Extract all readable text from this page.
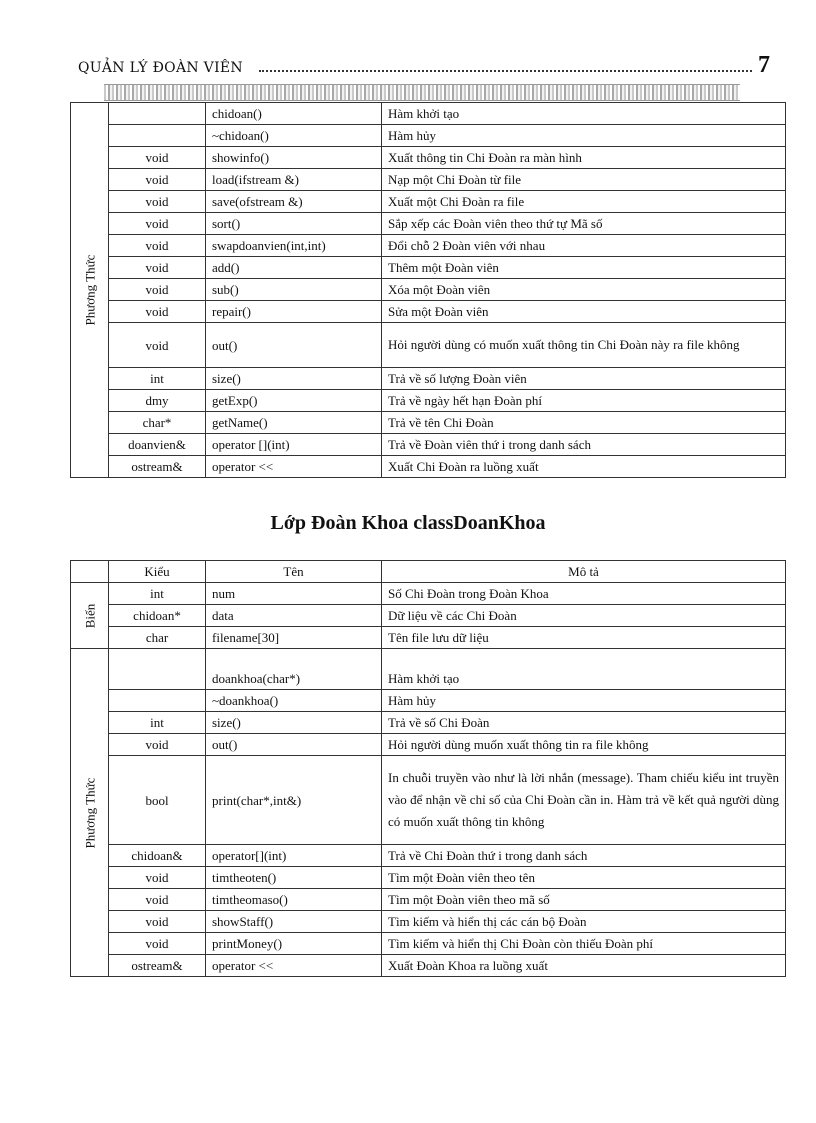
QUẢN LÝ ĐOÀN VIÊN	7
Phương Thức		chidoan()	Hàm khởi tạo
		~chidoan()	Hàm hủy
	void	showinfo()	Xuất thông tin Chi Đoàn ra màn hình
	void	load(ifstream &)	Nạp một Chi Đoàn từ file
	void	save(ofstream &)	Xuất một Chi Đoàn ra file
	void	sort()	Sắp xếp các Đoàn viên theo thứ tự Mã số
	void	swapdoanvien(int,int)	Đổi chỗ 2 Đoàn viên với nhau
	void	add()	Thêm một Đoàn viên
	void	sub()	Xóa một Đoàn viên
	void	repair()	Sửa một Đoàn viên
	void	out()	Hỏi người dùng có muốn xuất thông tin Chi Đoàn này ra file không
	int	size()	Trả về số lượng Đoàn viên
	dmy	getExp()	Trả về ngày hết hạn Đoàn phí
	char*	getName()	Trả về tên Chi Đoàn
	doanvien&	operator [](int)	Trả về Đoàn viên thứ i trong danh sách
	ostream&	operator <<	Xuất Chi Đoàn ra luồng xuất
Lớp Đoàn Khoa classDoanKhoa
	Kiểu	Tên	Mô tả

Biến	int	num	Số Chi Đoàn trong Đoàn Khoa
	chidoan*	data	Dữ liệu về các Chi Đoàn
	char	filename[30]	Tên file lưu dữ liệu

Phương Thức		doankhoa(char*)	Hàm khởi tạo
		~doankhoa()	Hàm hủy
	int	size()	Trả về số Chi Đoàn
	void	out()	Hỏi người dùng muốn xuất thông tin ra file không
	bool	print(char*,int&)	In chuỗi truyền vào như là lời nhắn (message). Tham chiếu kiểu int truyền vào để nhận về chỉ số của Chi Đoàn cần in. Hàm trả về kết quả người dùng có muốn xuất thông tin không
	chidoan&	operator[](int)	Trả về Chi Đoàn thứ i trong danh sách
	void	timtheoten()	Tìm một Đoàn viên theo tên
	void	timtheomaso()	Tìm một Đoàn viên theo mã số
	void	showStaff()	Tìm kiếm và hiển thị các cán bộ Đoàn
	void	printMoney()	Tìm kiếm và hiển thị Chi Đoàn còn thiếu Đoàn phí
	ostream&	operator <<	Xuất Đoàn Khoa ra luồng xuất
